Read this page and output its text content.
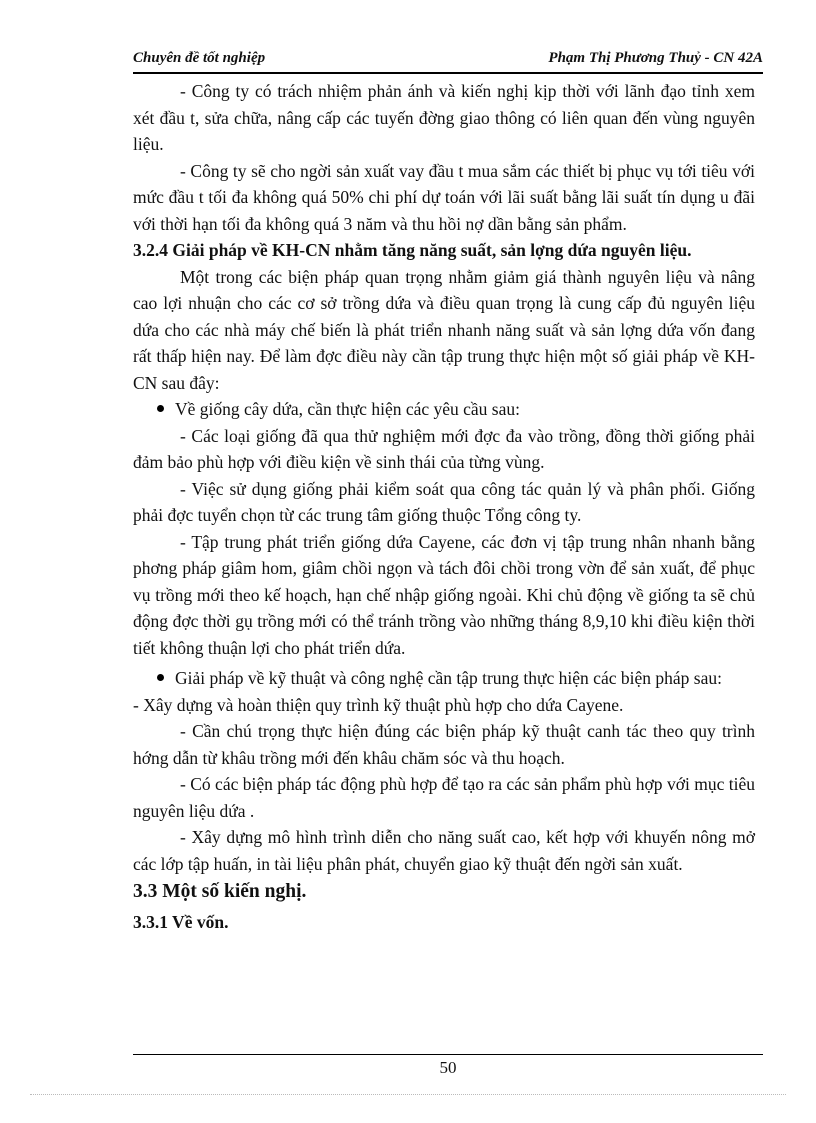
Chuyên đề tốt nghiệp	Phạm Thị Phương Thuỷ - CN 42A

- Công ty có trách nhiệm phản ánh và kiến nghị kịp thời với lãnh đạo tỉnh xem xét đầu t, sửa chữa, nâng cấp các tuyến đờng giao thông có liên quan đến vùng nguyên liệu.

- Công ty sẽ cho ngời sản xuất vay đầu t mua sắm các thiết bị phục vụ tới tiêu với mức đầu t tối đa không quá 50% chi phí dự toán với lãi suất bằng lãi suất tín dụng u đãi với thời hạn tối đa không quá 3 năm và thu hồi nợ dần bằng sản phẩm.

3.2.4 Giải pháp về KH-CN nhằm tăng năng suất, sản lợng dứa nguyên liệu.

Một trong các biện pháp quan trọng nhằm giảm giá thành nguyên liệu và nâng cao lợi nhuận cho các cơ sở trồng dứa và điều quan trọng là cung cấp đủ nguyên liệu dứa cho các nhà máy chế biến là phát triển nhanh năng suất và sản lợng dứa vốn đang rất thấp hiện nay. Để làm đợc điều này cần tập trung thực hiện một số giải pháp về KH-CN sau đây:

Về giống cây dứa, cần thực hiện các yêu cầu sau:

- Các loại giống đã qua thử nghiệm mới đợc đa vào trồng, đồng thời giống phải đảm bảo phù hợp với điều kiện về sinh thái của từng vùng.

- Việc sử dụng giống phải kiểm soát qua công tác quản lý và phân phối. Giống phải đợc tuyển chọn từ các trung tâm giống thuộc Tổng công ty.

- Tập trung phát triển giống dứa Cayene, các đơn vị tập trung nhân nhanh bằng phơng pháp giâm hom, giâm chồi ngọn và tách đôi chồi trong vờn để sản xuất, để phục vụ trồng mới theo kế hoạch, hạn chế nhập giống ngoài. Khi chủ động về giống ta sẽ chủ động đợc thời gụ trồng mới có thể tránh trồng vào những tháng 8,9,10 khi điều kiện thời tiết không thuận lợi cho phát triển dứa.

Giải pháp về kỹ thuật và công nghệ cần tập trung thực hiện các biện pháp sau:

- Xây dựng và hoàn thiện quy trình kỹ thuật phù hợp cho dứa Cayene.

- Cần chú trọng thực hiện đúng các biện pháp kỹ thuật canh tác theo quy trình hớng dẫn từ khâu trồng mới đến khâu chăm sóc và thu hoạch.

- Có các biện pháp tác động phù hợp để tạo ra các sản phẩm phù hợp với mục tiêu nguyên liệu dứa .

- Xây dựng mô hình trình diễn cho năng suất cao, kết hợp với khuyến nông mở các lớp tập huấn, in tài liệu phân phát, chuyển giao kỹ thuật đến ngời sản xuất.

3.3 Một số kiến nghị.

3.3.1 Về vốn.

50
